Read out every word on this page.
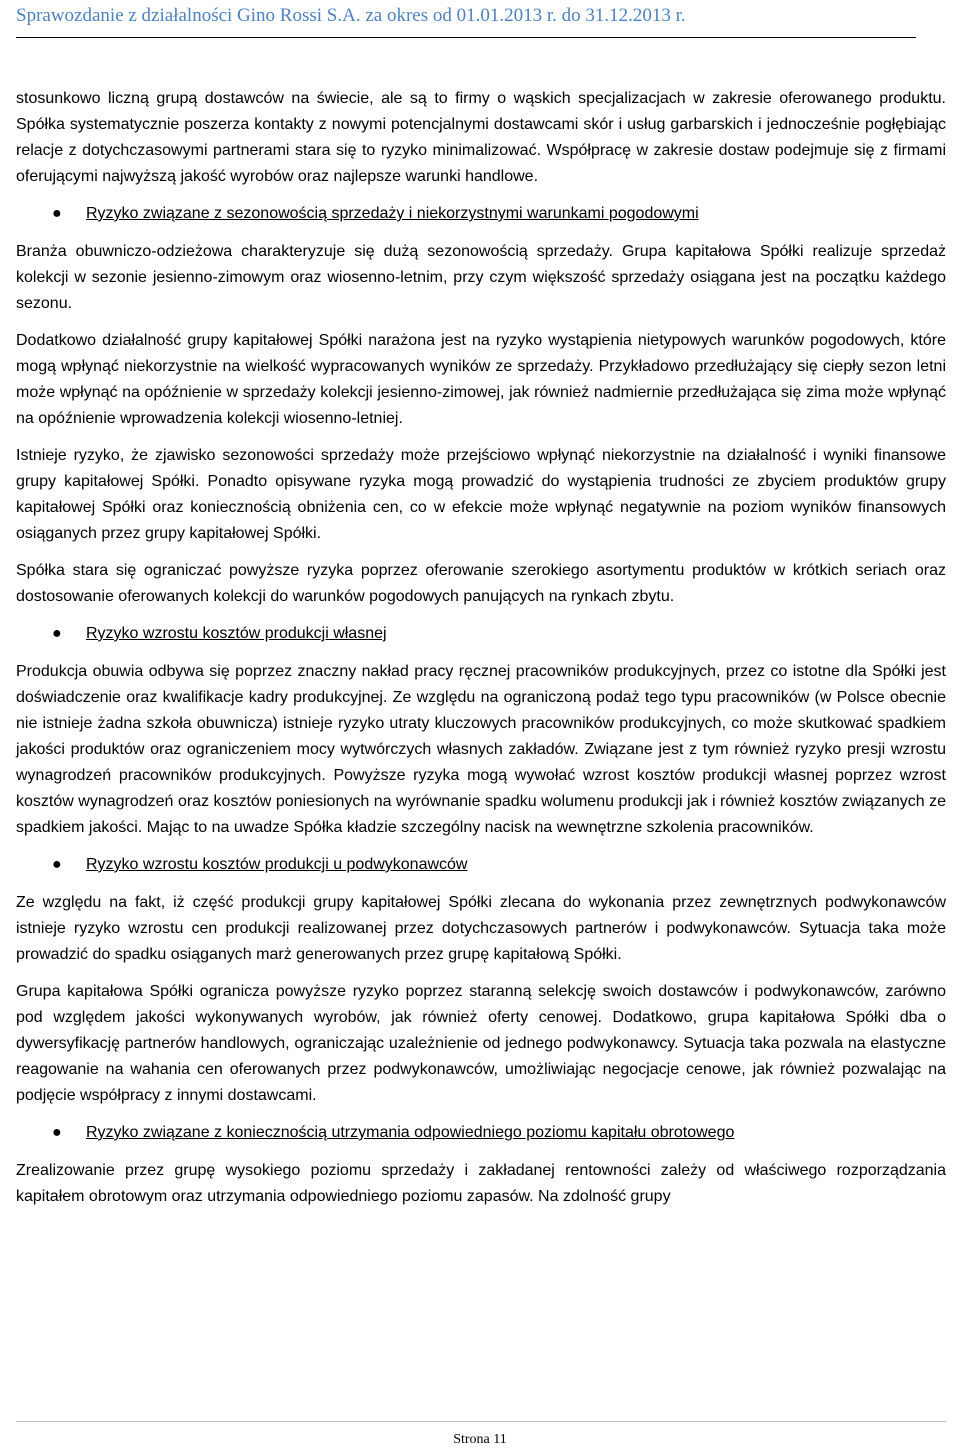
Sprawozdanie z działalności Gino Rossi S.A. za okres od 01.01.2013 r. do 31.12.2013 r.

stosunkowo liczną grupą dostawców na świecie, ale są to firmy o wąskich specjalizacjach w zakresie oferowanego produktu. Spółka systematycznie poszerza kontakty z nowymi potencjalnymi dostawcami skór i usług garbarskich i jednocześnie pogłębiając relacje z dotychczasowymi partnerami stara się to ryzyko minimalizować. Współpracę w zakresie dostaw podejmuje się z firmami oferującymi najwyższą jakość wyrobów oraz najlepsze warunki handlowe.

●	Ryzyko związane z sezonowością sprzedaży i niekorzystnymi warunkami pogodowymi

Branża obuwniczo-odzieżowa charakteryzuje się dużą sezonowością sprzedaży. Grupa kapitałowa Spółki realizuje sprzedaż kolekcji w sezonie jesienno-zimowym oraz wiosenno-letnim, przy czym większość sprzedaży osiągana jest na początku każdego sezonu.

Dodatkowo działalność grupy kapitałowej Spółki narażona jest na ryzyko wystąpienia nietypowych warunków pogodowych, które mogą wpłynąć niekorzystnie na wielkość wypracowanych wyników ze sprzedaży. Przykładowo przedłużający się ciepły sezon letni może wpłynąć na opóźnienie w sprzedaży kolekcji jesienno-zimowej, jak również nadmiernie przedłużająca się zima może wpłynąć na opóźnienie wprowadzenia kolekcji wiosenno-letniej.

Istnieje ryzyko, że zjawisko sezonowości sprzedaży może przejściowo wpłynąć niekorzystnie na działalność i wyniki finansowe grupy kapitałowej Spółki. Ponadto opisywane ryzyka mogą prowadzić do wystąpienia trudności ze zbyciem produktów grupy kapitałowej Spółki oraz koniecznością obniżenia cen, co w efekcie może wpłynąć negatywnie na poziom wyników finansowych osiąganych przez grupy kapitałowej Spółki.

Spółka stara się ograniczać powyższe ryzyka poprzez oferowanie szerokiego asortymentu produktów w krótkich seriach oraz dostosowanie oferowanych kolekcji do warunków pogodowych panujących na rynkach zbytu.

●	Ryzyko wzrostu kosztów produkcji własnej

Produkcja obuwia odbywa się poprzez znaczny nakład pracy ręcznej pracowników produkcyjnych, przez co istotne dla Spółki jest doświadczenie oraz kwalifikacje kadry produkcyjnej. Ze względu na ograniczoną podaż tego typu pracowników (w Polsce obecnie nie istnieje żadna szkoła obuwnicza) istnieje ryzyko utraty kluczowych pracowników produkcyjnych, co może skutkować spadkiem jakości produktów oraz ograniczeniem mocy wytwórczych własnych zakładów. Związane jest z tym również ryzyko presji wzrostu wynagrodzeń pracowników produkcyjnych. Powyższe ryzyka mogą wywołać wzrost kosztów produkcji własnej poprzez wzrost kosztów wynagrodzeń oraz kosztów poniesionych na wyrównanie spadku wolumenu produkcji jak i również kosztów związanych ze spadkiem jakości. Mając to na uwadze Spółka kładzie szczególny nacisk na wewnętrzne szkolenia pracowników.

●	Ryzyko wzrostu kosztów produkcji u podwykonawców

Ze względu na fakt, iż część produkcji grupy kapitałowej Spółki zlecana do wykonania przez zewnętrznych podwykonawców istnieje ryzyko wzrostu cen produkcji realizowanej przez dotychczasowych partnerów i podwykonawców. Sytuacja taka może prowadzić do spadku osiąganych marż generowanych przez grupę kapitałową Spółki.

Grupa kapitałowa Spółki ogranicza powyższe ryzyko poprzez staranną selekcję swoich dostawców i podwykonawców, zarówno pod względem jakości wykonywanych wyrobów, jak również oferty cenowej. Dodatkowo, grupa kapitałowa Spółki dba o dywersyfikację partnerów handlowych, ograniczając uzależnienie od jednego podwykonawcy. Sytuacja taka pozwala na elastyczne reagowanie na wahania cen oferowanych przez podwykonawców, umożliwiając negocjacje cenowe, jak również pozwalając na podjęcie współpracy z innymi dostawcami.

●	Ryzyko związane z koniecznością utrzymania odpowiedniego poziomu kapitału obrotowego

Zrealizowanie przez grupę wysokiego poziomu sprzedaży i zakładanej rentowności zależy od właściwego rozporządzania kapitałem obrotowym oraz utrzymania odpowiedniego poziomu zapasów. Na zdolność grupy

Strona 11
